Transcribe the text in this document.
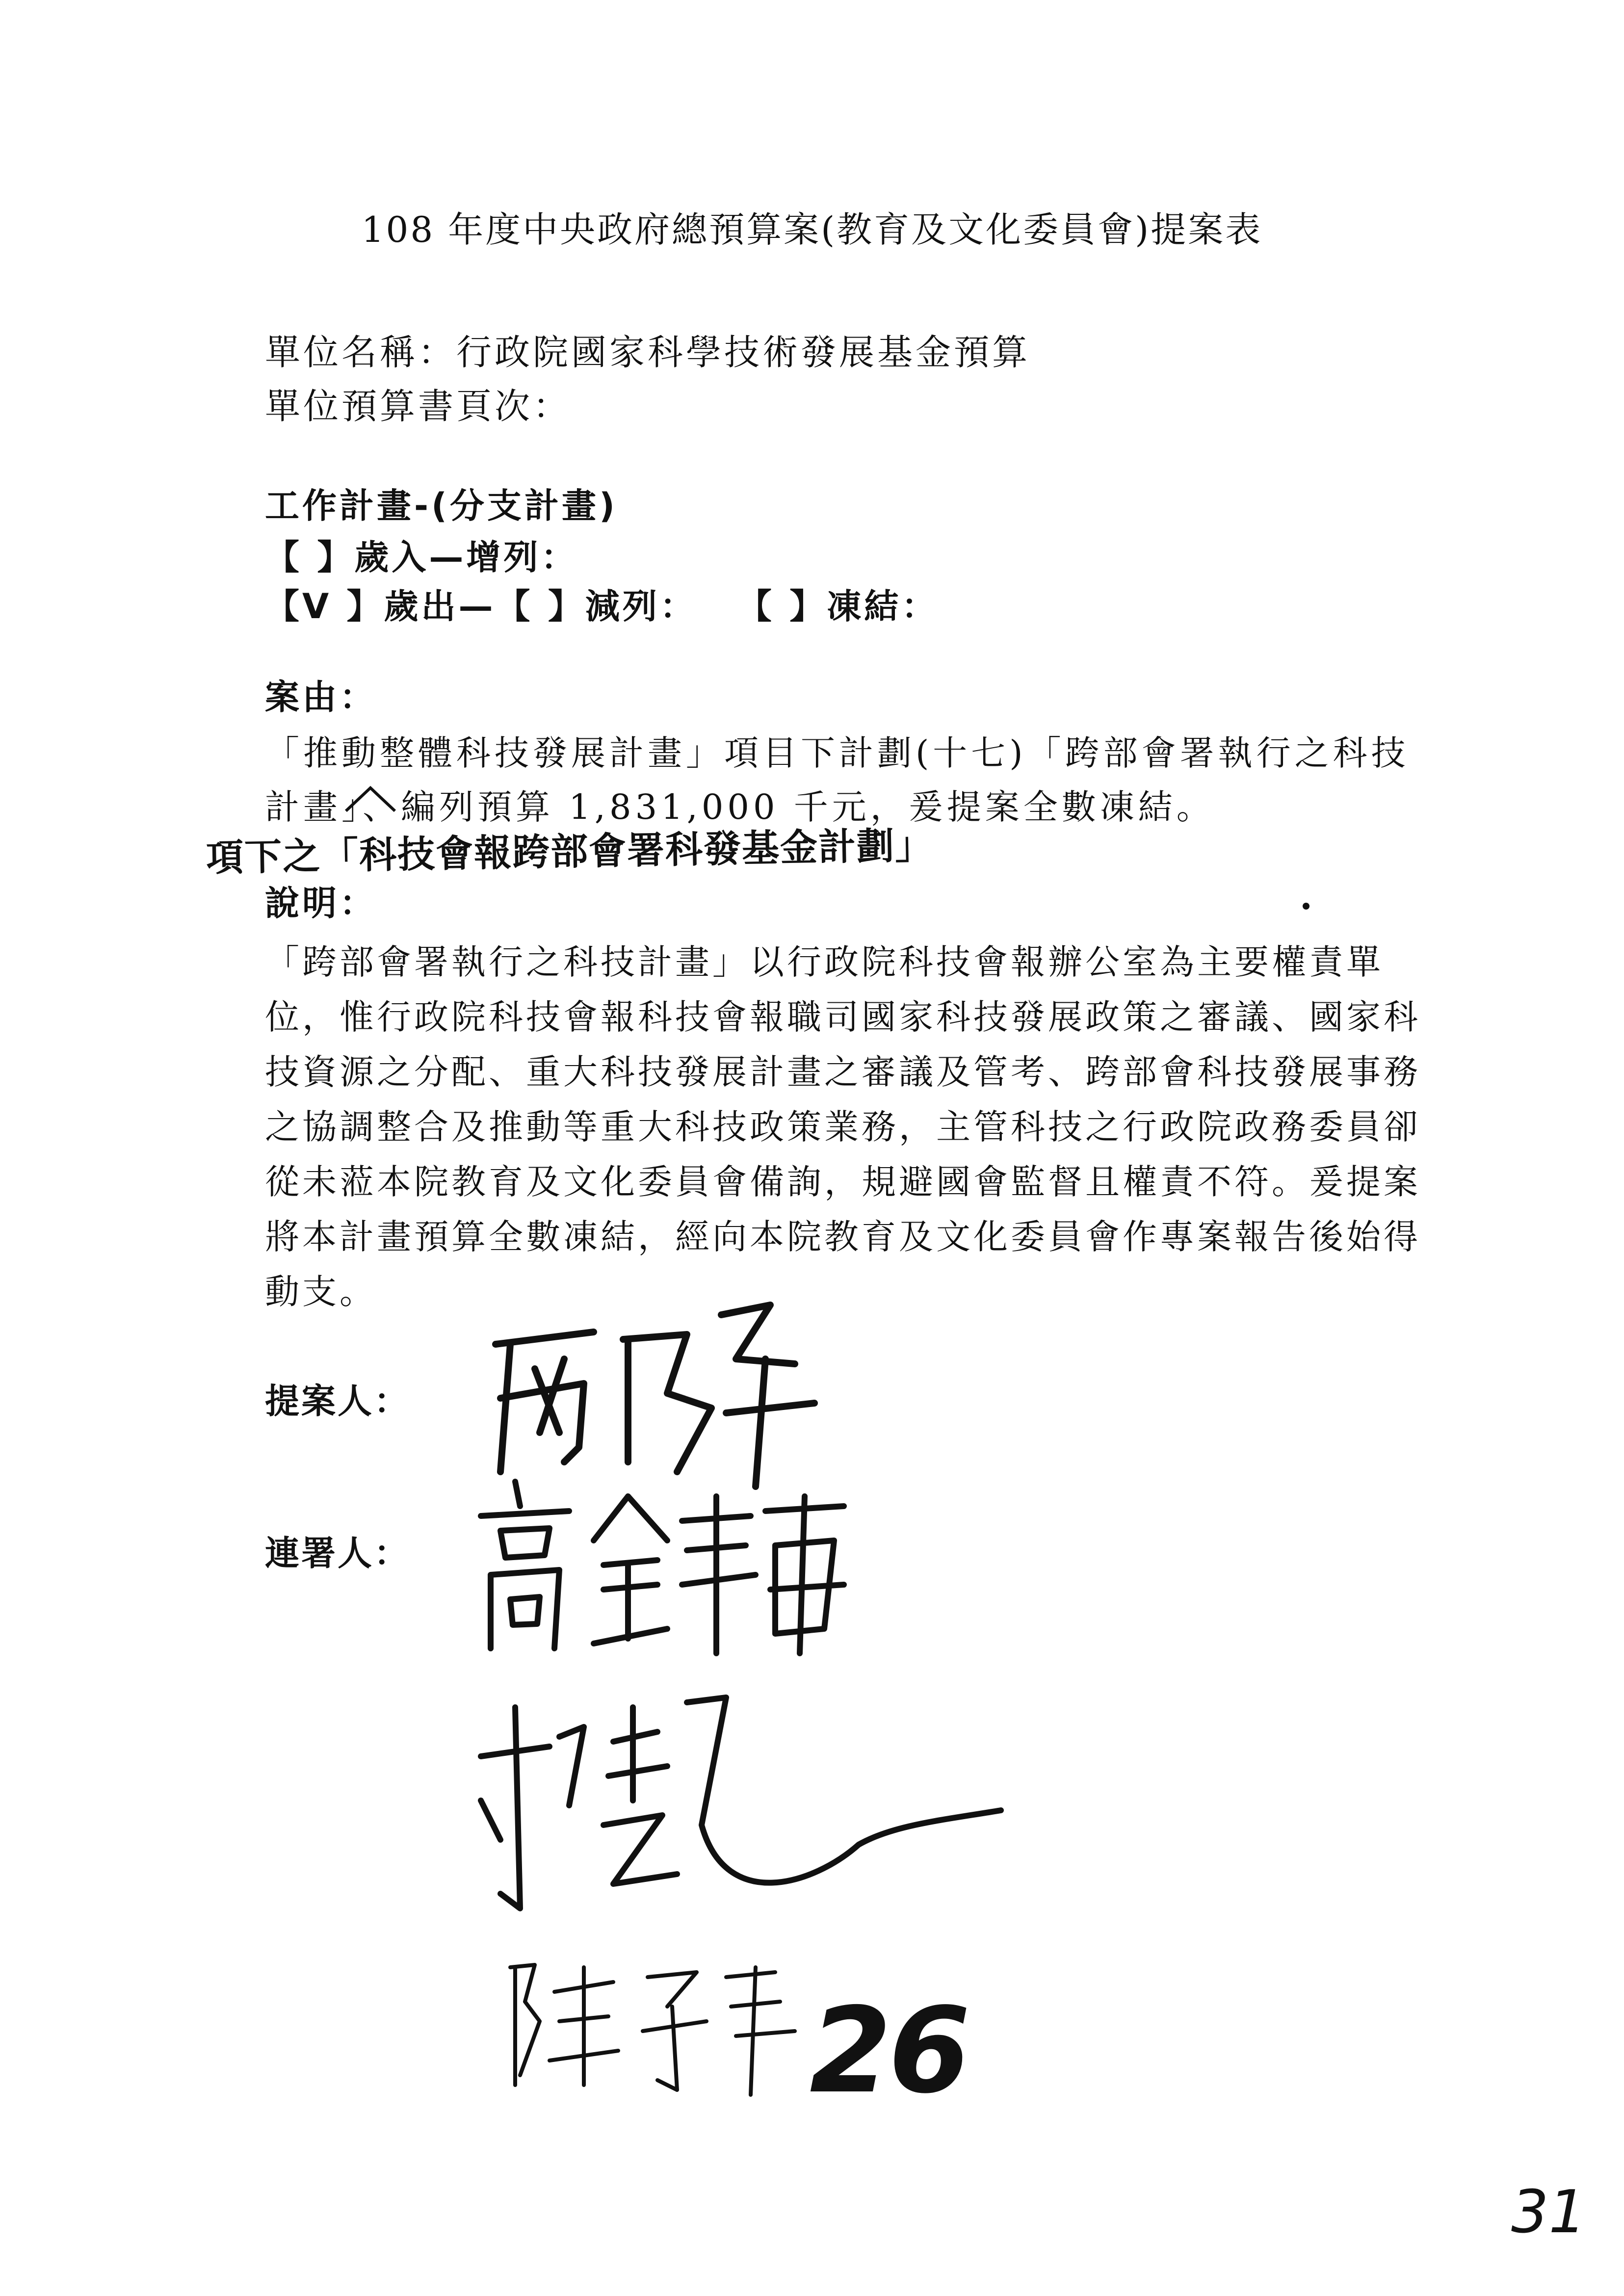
108 年度中央政府總預算案(教育及文化委員會)提案表
單位名稱：行政院國家科學技術發展基金預算
單位預算書頁次：
工作計畫-(分支計畫)
【 】歲入—增列：
【V 】歲出—【 】減列：　　【 】凍結：
案由：
「推動整體科技發展計畫」項目下計劃(十七)「跨部會署執行之科技計畫」、編列預算 1,831,000 千元，爰提案全數凍結。
項下之「科技會報跨部會署科發基金計劃」
說明：
「跨部會署執行之科技計畫」以行政院科技會報辦公室為主要權責單位，惟行政院科技會報科技會報職司國家科技發展政策之審議、國家科技資源之分配、重大科技發展計畫之審議及管考、跨部會科技發展事務之協調整合及推動等重大科技政策業務，主管科技之行政院政務委員卻從未蒞本院教育及文化委員會備詢，規避國會監督且權責不符。爰提案將本計畫預算全數凍結，經向本院教育及文化委員會作專案報告後始得動支。
提案人：
連署人：
26
31
